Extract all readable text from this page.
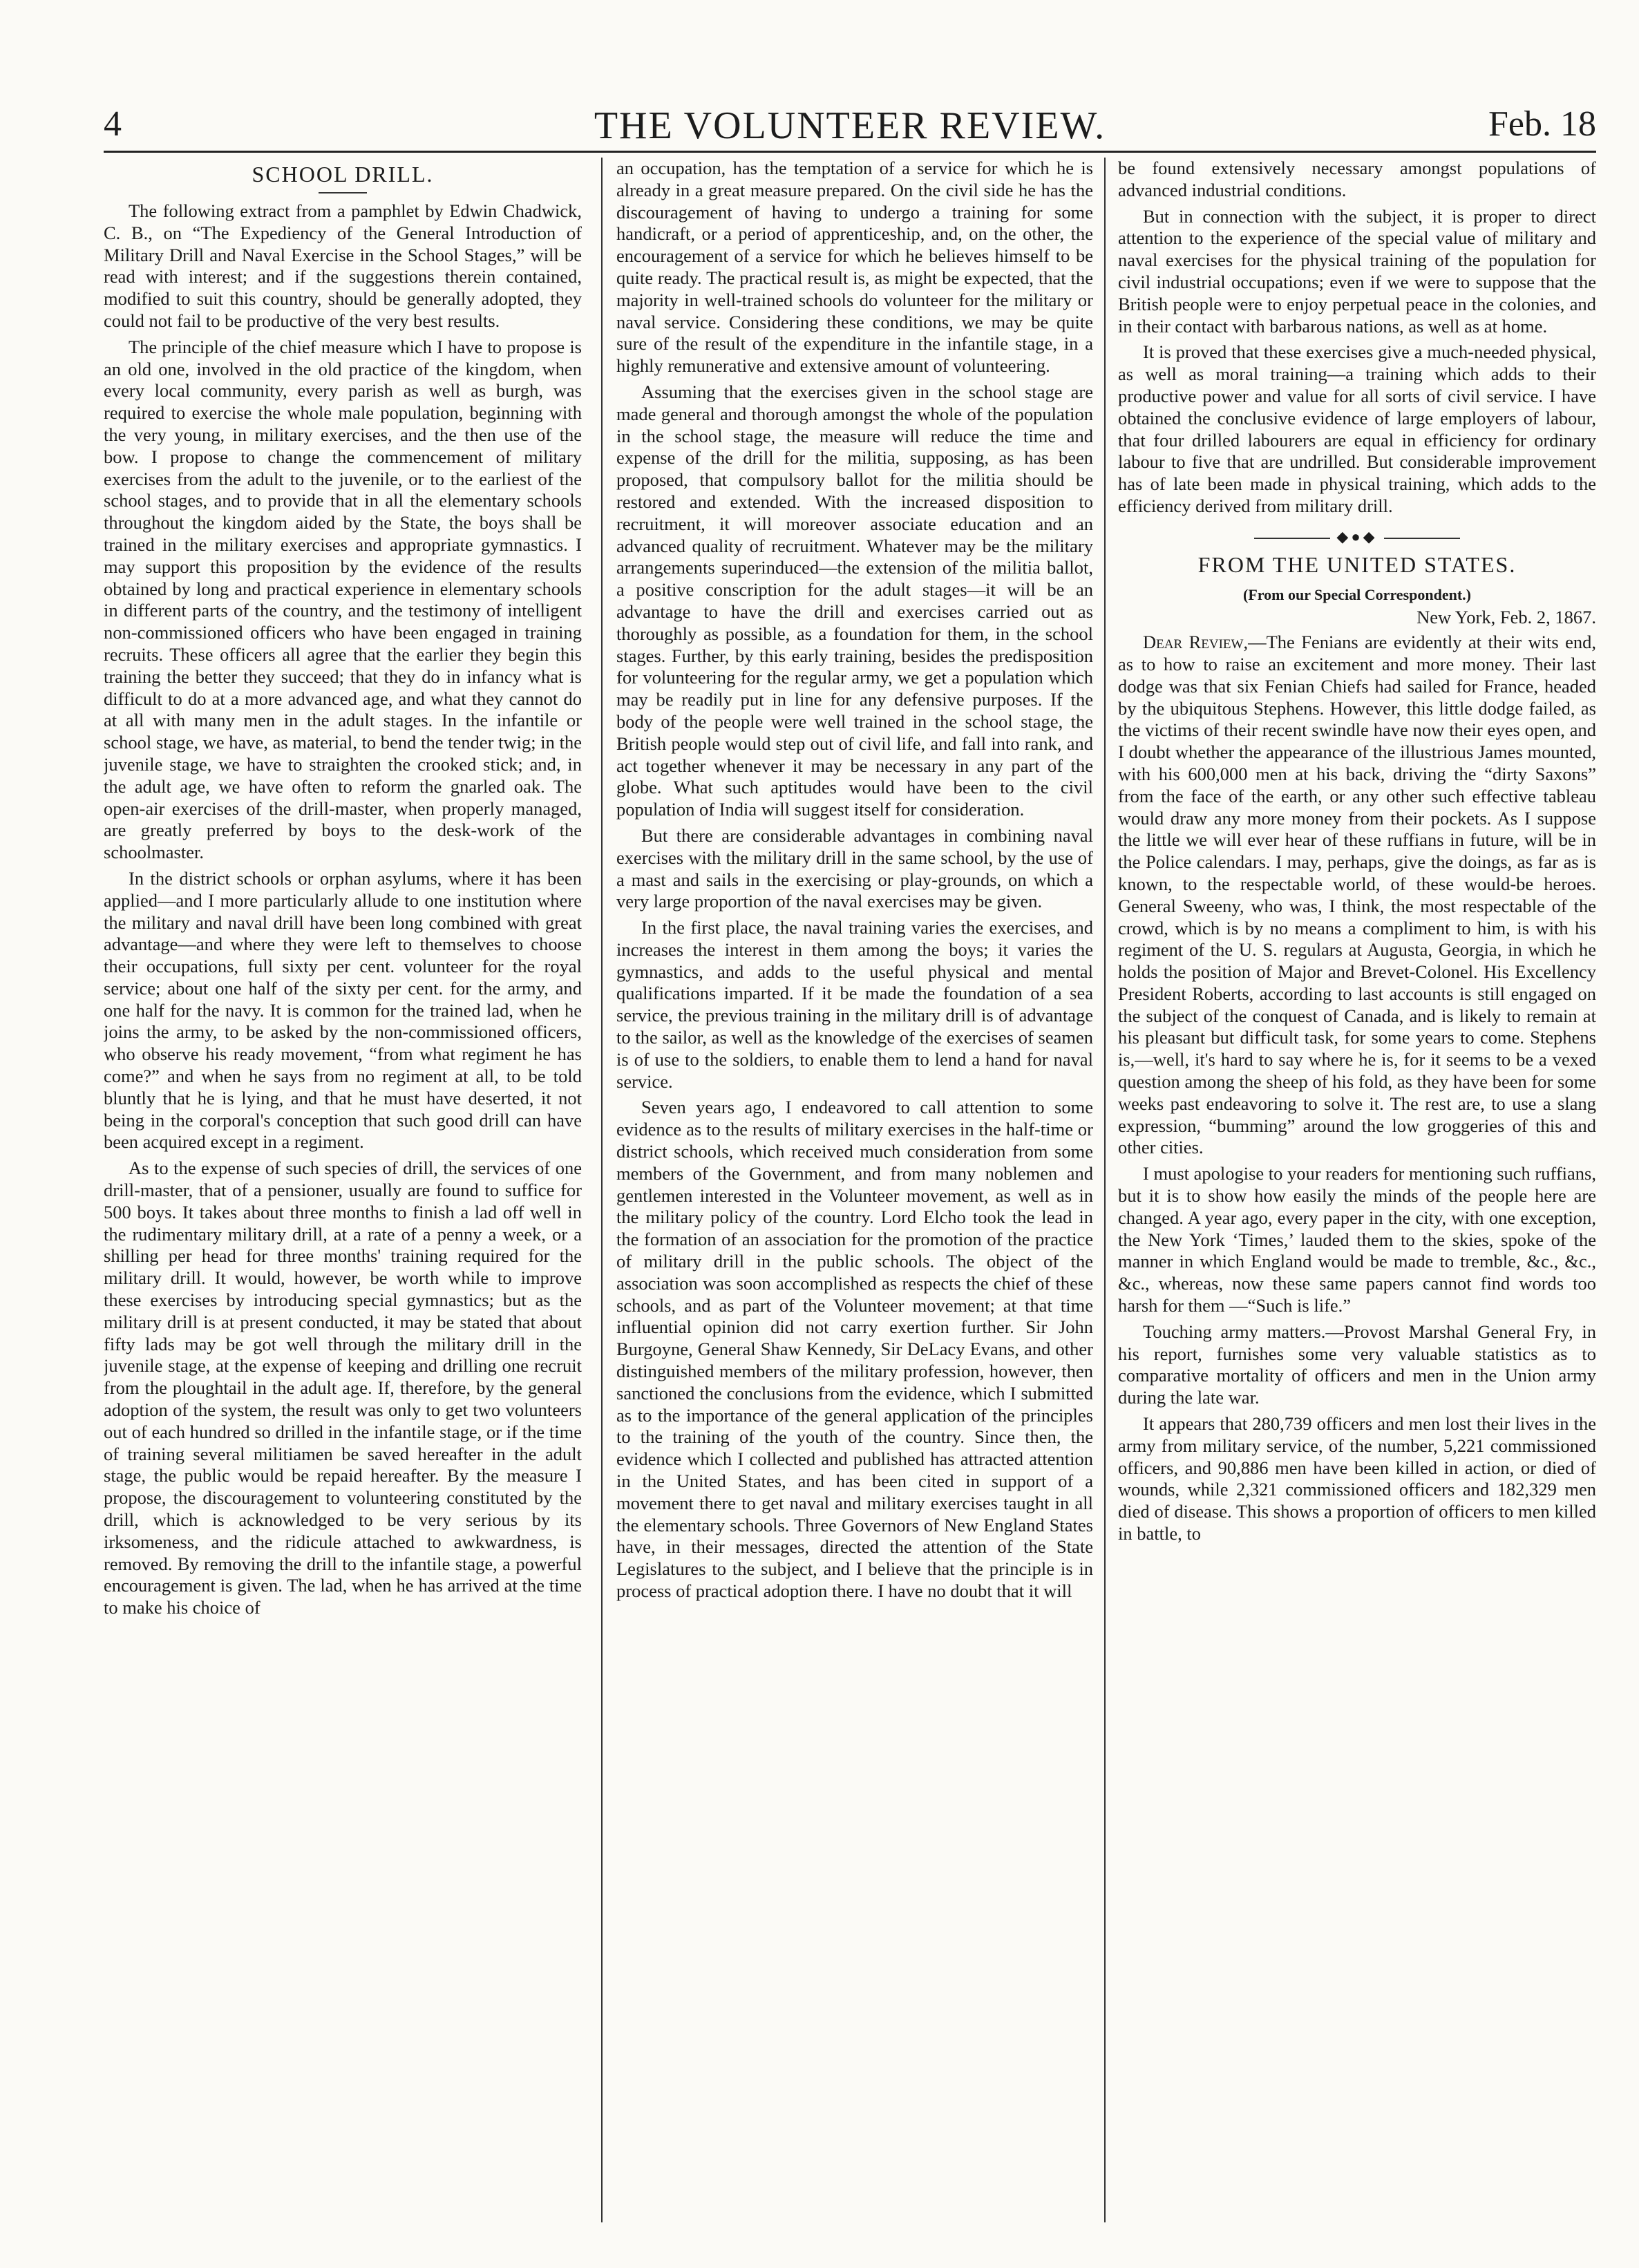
4	THE VOLUNTEER REVIEW.	Feb. 18
SCHOOL DRILL.

The following extract from a pamphlet by Edwin Chadwick, C. B., on “The Expediency of the General Introduction of Military Drill and Naval Exercise in the School Stages,” will be read with interest; and if the suggestions therein contained, modified to suit this country, should be generally adopted, they could not fail to be productive of the very best results.

The principle of the chief measure which I have to propose is an old one, involved in the old practice of the kingdom, when every local community, every parish as well as burgh, was required to exercise the whole male population, beginning with the very young, in military exercises, and the then use of the bow. I propose to change the commencement of military exercises from the adult to the juvenile, or to the earliest of the school stages, and to provide that in all the elementary schools throughout the kingdom aided by the State, the boys shall be trained in the military exercises and appropriate gymnastics. I may support this proposition by the evidence of the results obtained by long and practical experience in elementary schools in different parts of the country, and the testimony of intelligent non-commissioned officers who have been engaged in training recruits. These officers all agree that the earlier they begin this training the better they succeed; that they do in infancy what is difficult to do at a more advanced age, and what they cannot do at all with many men in the adult stages. In the infantile or school stage, we have, as material, to bend the tender twig; in the juvenile stage, we have to straighten the crooked stick; and, in the adult age, we have often to reform the gnarled oak. The open-air exercises of the drill-master, when properly managed, are greatly preferred by boys to the desk-work of the schoolmaster.

In the district schools or orphan asylums, where it has been applied—and I more particularly allude to one institution where the military and naval drill have been long combined with great advantage—and where they were left to themselves to choose their occupations, full sixty per cent. volunteer for the royal service; about one half of the sixty per cent. for the army, and one half for the navy. It is common for the trained lad, when he joins the army, to be asked by the non-commissioned officers, who observe his ready movement, “from what regiment he has come?” and when he says from no regiment at all, to be told bluntly that he is lying, and that he must have deserted, it not being in the corporal's conception that such good drill can have been acquired except in a regiment.

As to the expense of such species of drill, the services of one drill-master, that of a pensioner, usually are found to suffice for 500 boys. It takes about three months to finish a lad off well in the rudimentary military drill, at a rate of a penny a week, or a shilling per head for three months' training required for the military drill. It would, however, be worth while to improve these exercises by introducing special gymnastics; but as the military drill is at present conducted, it may be stated that about fifty lads may be got well through the military drill in the juvenile stage, at the expense of keeping and drilling one recruit from the ploughtail in the adult age. If, therefore, by the general adoption of the system, the result was only to get two volunteers out of each hundred so drilled in the infantile stage, or if the time of training several militiamen be saved hereafter in the adult stage, the public would be repaid hereafter. By the measure I propose, the discouragement to volunteering constituted by the drill, which is acknowledged to be very serious by its irksomeness, and the ridicule attached to awkwardness, is removed. By removing the drill to the infantile stage, a powerful encouragement is given. The lad, when he has arrived at the time to make his choice of

an occupation, has the temptation of a service for which he is already in a great measure prepared. On the civil side he has the discouragement of having to undergo a training for some handicraft, or a period of apprenticeship, and, on the other, the encouragement of a service for which he believes himself to be quite ready. The practical result is, as might be expected, that the majority in well-trained schools do volunteer for the military or naval service. Considering these conditions, we may be quite sure of the result of the expenditure in the infantile stage, in a highly remunerative and extensive amount of volunteering.

Assuming that the exercises given in the school stage are made general and thorough amongst the whole of the population in the school stage, the measure will reduce the time and expense of the drill for the militia, supposing, as has been proposed, that compulsory ballot for the militia should be restored and extended. With the increased disposition to recruitment, it will moreover associate education and an advanced quality of recruitment. Whatever may be the military arrangements superinduced—the extension of the militia ballot, a positive conscription for the adult stages—it will be an advantage to have the drill and exercises carried out as thoroughly as possible, as a foundation for them, in the school stages. Further, by this early training, besides the predisposition for volunteering for the regular army, we get a population which may be readily put in line for any defensive purposes. If the body of the people were well trained in the school stage, the British people would step out of civil life, and fall into rank, and act together whenever it may be necessary in any part of the globe. What such aptitudes would have been to the civil population of India will suggest itself for consideration.

But there are considerable advantages in combining naval exercises with the military drill in the same school, by the use of a mast and sails in the exercising or play-grounds, on which a very large proportion of the naval exercises may be given.

In the first place, the naval training varies the exercises, and increases the interest in them among the boys; it varies the gymnastics, and adds to the useful physical and mental qualifications imparted. If it be made the foundation of a sea service, the previous training in the military drill is of advantage to the sailor, as well as the knowledge of the exercises of seamen is of use to the soldiers, to enable them to lend a hand for naval service.

Seven years ago, I endeavored to call attention to some evidence as to the results of military exercises in the half-time or district schools, which received much consideration from some members of the Government, and from many noblemen and gentlemen interested in the Volunteer movement, as well as in the military policy of the country. Lord Elcho took the lead in the formation of an association for the promotion of the practice of military drill in the public schools. The object of the association was soon accomplished as respects the chief of these schools, and as part of the Volunteer movement; at that time influential opinion did not carry exertion further. Sir John Burgoyne, General Shaw Kennedy, Sir DeLacy Evans, and other distinguished members of the military profession, however, then sanctioned the conclusions from the evidence, which I submitted as to the importance of the general application of the principles to the training of the youth of the country. Since then, the evidence which I collected and published has attracted attention in the United States, and has been cited in support of a movement there to get naval and military exercises taught in all the elementary schools. Three Governors of New England States have, in their messages, directed the attention of the State Legislatures to the subject, and I believe that the principle is in process of practical adoption there. I have no doubt that it will

be found extensively necessary amongst populations of advanced industrial conditions.

But in connection with the subject, it is proper to direct attention to the experience of the special value of military and naval exercises for the physical training of the population for civil industrial occupations; even if we were to suppose that the British people were to enjoy perpetual peace in the colonies, and in their contact with barbarous nations, as well as at home.

It is proved that these exercises give a much-needed physical, as well as moral training—a training which adds to their productive power and value for all sorts of civil service. I have obtained the conclusive evidence of large employers of labour, that four drilled labourers are equal in efficiency for ordinary labour to five that are undrilled. But considerable improvement has of late been made in physical training, which adds to the efficiency derived from military drill.

◆●◆
FROM THE UNITED STATES.

(From our Special Correspondent.)

New York, Feb. 2, 1867.

Dear Review,—The Fenians are evidently at their wits end, as to how to raise an excitement and more money. Their last dodge was that six Fenian Chiefs had sailed for France, headed by the ubiquitous Stephens. However, this little dodge failed, as the victims of their recent swindle have now their eyes open, and I doubt whether the appearance of the illustrious James mounted, with his 600,000 men at his back, driving the “dirty Saxons” from the face of the earth, or any other such effective tableau would draw any more money from their pockets. As I suppose the little we will ever hear of these ruffians in future, will be in the Police calendars. I may, perhaps, give the doings, as far as is known, to the respectable world, of these would-be heroes. General Sweeny, who was, I think, the most respectable of the crowd, which is by no means a compliment to him, is with his regiment of the U. S. regulars at Augusta, Georgia, in which he holds the position of Major and Brevet-Colonel. His Excellency President Roberts, according to last accounts is still engaged on the subject of the conquest of Canada, and is likely to remain at his pleasant but difficult task, for some years to come. Stephens is,—well, it's hard to say where he is, for it seems to be a vexed question among the sheep of his fold, as they have been for some weeks past endeavoring to solve it. The rest are, to use a slang expression, “bumming” around the low groggeries of this and other cities.

I must apologise to your readers for mentioning such ruffians, but it is to show how easily the minds of the people here are changed. A year ago, every paper in the city, with one exception, the New York ‘Times,’ lauded them to the skies, spoke of the manner in which England would be made to tremble, &c., &c., &c., whereas, now these same papers cannot find words too harsh for them —“Such is life.”

Touching army matters.—Provost Marshal General Fry, in his report, furnishes some very valuable statistics as to comparative mortality of officers and men in the Union army during the late war.

It appears that 280,739 officers and men lost their lives in the army from military service, of the number, 5,221 commissioned officers, and 90,886 men have been killed in action, or died of wounds, while 2,321 commissioned officers and 182,329 men died of disease. This shows a proportion of officers to men killed in battle, to
